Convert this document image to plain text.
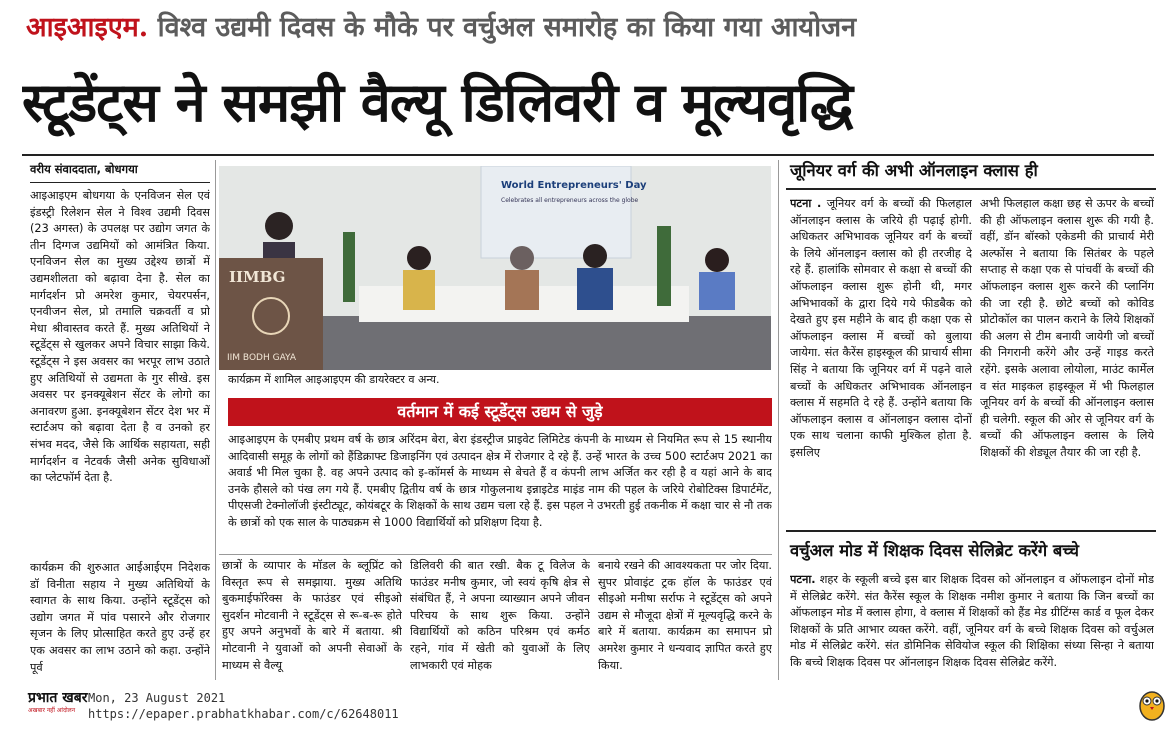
आइआइएम. विश्व उद्यमी दिवस के मौके पर वर्चुअल समारोह का किया गया आयोजन
स्टूडेंट्स ने समझी वैल्यू डिलिवरी व मूल्यवृद्धि
वरीय संवाददाता, बोधगया
आइआइएम बोधगया के एनविजन सेल एवं इंडस्ट्री रिलेशन सेल ने विश्व उद्यमी दिवस (23 अगस्त) के उपलक्ष पर उद्योग जगत के तीन दिग्गज उद्यमियों को आमंत्रित किया. एनविजन सेल का मुख्य उद्देश्य छात्रों में उद्यमशीलता को बढ़ावा देना है. सेल का मार्गदर्शन प्रो अमरेश कुमार, चेयरपर्सन, एनवीजन सेल, प्रो तमालि चक्रवर्ती व प्रो मेधा श्रीवास्तव करते हैं. मुख्य अतिथियों ने स्टूडेंट्स से खुलकर अपने विचार साझा किये. स्टूडेंट्स ने इस अवसर का भरपूर लाभ उठाते हुए अतिथियों से उद्यमता के गुर सीखे. इस अवसर पर इनक्यूबेशन सेंटर के लोगो का अनावरण हुआ. इनक्यूबेशन सेंटर देश भर में स्टार्टअप को बढ़ावा देता है व उनको हर संभव मदद, जैसे कि आर्थिक सहायता, सही मार्गदर्शन व नेटवर्क जैसी अनेक सुविधाओं का प्लेटफॉर्म देता है.
कार्यक्रम की शुरुआत आईआईएम निदेशक डॉ विनीता सहाय ने मुख्य अतिथियों के स्वागत के साथ किया. उन्होंने स्टूडेंट्स को उद्योग जगत में पांव पसारने और रोजगार सृजन के लिए प्रोत्साहित करते हुए उन्हें हर एक अवसर का लाभ उठाने को कहा. उन्होंने पूर्व
World Entrepreneurs' Day
Celebrates all entrepreneurs across the globe
IIMBG
IIM BODH GAYA
कार्यक्रम में शामिल आइआइएम की डायरेक्टर व अन्य.
वर्तमान में कई स्टूडेंट्स उद्यम से जुड़े
आइआइएम के एमबीए प्रथम वर्ष के छात्र अरिंदम बेरा, बेरा इंडस्ट्रीज प्राइवेट लिमिटेड कंपनी के माध्यम से नियमित रूप से 15 स्थानीय आदिवासी समूह के लोगों को हैंडिक्राफ्ट डिजाइनिंग एवं उत्पादन क्षेत्र में रोजगार दे रहे हैं. उन्हें भारत के उच्च 500 स्टार्टअप 2021 का अवार्ड भी मिल चुका है. वह अपने उत्पाद को इ-कॉमर्स के माध्यम से बेचते हैं व कंपनी लाभ अर्जित कर रही है व यहां आने के बाद उनके हौसले को पंख लग गये हैं. एमबीए द्वितीय वर्ष के छात्र गोकुलनाथ इन्नाइटेड माइंड नाम की पहल के जरिये रोबोटिक्स डिपार्टमेंट, पीएसजी टेक्नोलॉजी इंस्टीट्यूट, कोयंबटूर के शिक्षकों के साथ उद्यम चला रहे हैं. इस पहल ने उभरती हुई तकनीक में कक्षा चार से नौ तक के छात्रों को एक साल के पाठ्यक्रम से 1000 विद्यार्थियों को प्रशिक्षण दिया है.
छात्रों के व्यापार के मॉडल के ब्लूप्रिंट को विस्तृत रूप से समझाया. मुख्य अतिथि बुकमाईफॉरेक्स के फाउंडर एवं सीइओ सुदर्शन मोटवानी ने स्टूडेंट्स से रू-ब-रू होते हुए अपने अनुभवों के बारे में बताया. श्री मोटवानी ने युवाओं को अपनी सेवाओं के माध्यम से वैल्यू
डिलिवरी की बात रखी. बैक टू विलेज के फाउंडर मनीष कुमार, जो स्वयं कृषि क्षेत्र से संबंधित हैं, ने अपना व्याख्यान अपने जीवन परिचय के साथ शुरू किया. उन्होंने विद्यार्थियों को कठिन परिश्रम एवं कर्मठ रहने, गांव में खेती को युवाओं के लिए लाभकारी एवं मोहक
बनाये रखने की आवश्यकता पर जोर दिया. सुपर प्रोवाइंट ट्रक हॉल के फाउंडर एवं सीइओ मनीषा सर्राफ ने स्टूडेंट्स को अपने उद्यम से मौजूदा क्षेत्रों में मूल्यवृद्धि करने के बारे में बताया. कार्यक्रम का समापन प्रो अमरेश कुमार ने धन्यवाद ज्ञापित करते हुए किया.
जूनियर वर्ग की अभी ऑनलाइन क्लास ही
पटना . जूनियर वर्ग के बच्चों की फिलहाल ऑनलाइन क्लास के जरिये ही पढ़ाई होगी. अधिकतर अभिभावक जूनियर वर्ग के बच्चों के लिये ऑनलाइन क्लास को ही तरजीह दे रहे हैं. हालांकि सोमवार से कक्षा से बच्चों की ऑफलाइन क्लास शुरू होनी थी, मगर अभिभावकों के द्वारा दिये गये फीडबैक को देखते हुए इस महीने के बाद ही कक्षा एक से ऑफलाइन क्लास में बच्चों को बुलाया जायेगा. संत कैरेंस हाइस्कूल की प्राचार्य सीमा सिंह ने बताया कि जूनियर वर्ग में पढ़ने वाले बच्चों के अधिकतर अभिभावक ऑनलाइन क्लास में सहमति दे रहे हैं. उन्होंने बताया कि ऑफलाइन क्लास व ऑनलाइन क्लास दोनों एक साथ चलाना काफी मुश्किल होता है. इसलिए
अभी फिलहाल कक्षा छह से ऊपर के बच्चों की ही ऑफलाइन क्लास शुरू की गयी है. वहीं, डॉन बॉस्को एकेडमी की प्राचार्य मेरी अल्फोंस ने बताया कि सितंबर के पहले सप्ताह से कक्षा एक से पांचवीं के बच्चों की ऑफलाइन क्लास शुरू करने की प्लानिंग की जा रही है. छोटे बच्चों को कोविड प्रोटोकॉल का पालन कराने के लिये शिक्षकों की अलग से टीम बनायी जायेगी जो बच्चों की निगरानी करेंगे और उन्हें गाइड करते रहेंगे. इसके अलावा लोयोला, माउंट कार्मेल व संत माइकल हाइस्कूल में भी फिलहाल जूनियर वर्ग के बच्चों की ऑनलाइन क्लास ही चलेगी. स्कूल की ओर से जूनियर वर्ग के बच्चों की ऑफलाइन क्लास के लिये शिक्षकों की शेड्यूल तैयार की जा रही है.
वर्चुअल मोड में शिक्षक दिवस सेलिब्रेट करेंगे बच्चे
पटना. शहर के स्कूली बच्चे इस बार शिक्षक दिवस को ऑनलाइन व ऑफलाइन दोनों मोड में सेलिब्रेट करेंगे. संत कैरेंस स्कूल के शिक्षक नमीश कुमार ने बताया कि जिन बच्चों का ऑफलाइन मोड में क्लास होगा, वे क्लास में शिक्षकों को हैंड मेड ग्रीटिंग्स कार्ड व फूल देकर शिक्षकों के प्रति आभार व्यक्त करेंगे. वहीं, जूनियर वर्ग के बच्चे शिक्षक दिवस को वर्चुअल मोड में सेलिब्रेट करेंगे. संत डोमिनिक सेवियोज स्कूल की शिक्षिका संध्या सिन्हा ने बताया कि बच्चे शिक्षक दिवस पर ऑनलाइन शिक्षक दिवस सेलिब्रेट करेंगे.
प्रभात खबर
अखबार नहीं आंदोलन
Mon, 23 August 2021
https://epaper.prabhatkhabar.com/c/62648011
